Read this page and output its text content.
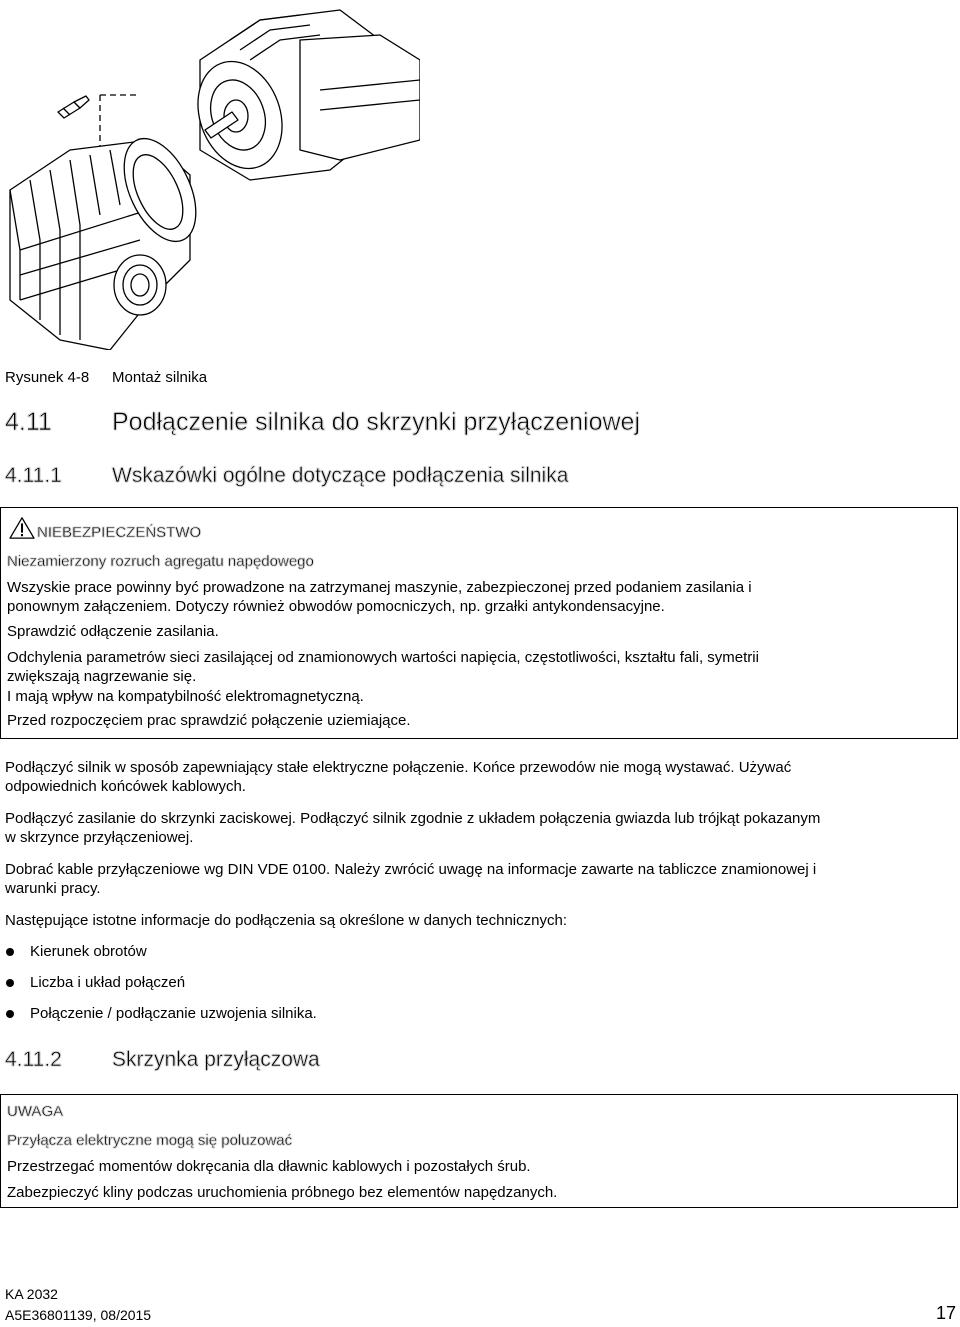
Rysunek 4-8 Montaż silnika
4.11 Podłączenie silnika do skrzynki przyłączeniowej
4.11.1 Wskazówki ogólne dotyczące podłączenia silnika
NIEBEZPIECZEŃSTWO
Niezamierzony rozruch agregatu napędowego
Wszyskie prace powinny być prowadzone na zatrzymanej maszynie, zabezpieczonej przed podaniem zasilania i
ponownym załączeniem. Dotyczy również obwodów pomocniczych, np. grzałki antykondensacyjne.
Sprawdzić odłączenie zasilania.
Odchylenia parametrów sieci zasilającej od znamionowych wartości napięcia, częstotliwości, kształtu fali, symetrii
zwiększają nagrzewanie się.
I mają wpływ na kompatybilność elektromagnetyczną.
Przed rozpoczęciem prac sprawdzić połączenie uziemiające.
Podłączyć silnik w sposób zapewniający stałe elektryczne połączenie. Końce przewodów nie mogą wystawać. Używać
odpowiednich końcówek kablowych.
Podłączyć zasilanie do skrzynki zaciskowej. Podłączyć silnik zgodnie z układem połączenia gwiazda lub trójkąt pokazanym
w skrzynce przyłączeniowej.
Dobrać kable przyłączeniowe wg DIN VDE 0100. Należy zwrócić uwagę na informacje zawarte na tabliczce znamionowej i
warunki pracy.
Następujące istotne informacje do podłączenia są określone w danych technicznych:
Kierunek obrotów
Liczba i układ połączeń
Połączenie / podłączanie uzwojenia silnika.
4.11.2 Skrzynka przyłączowa
UWAGA
Przyłącza elektryczne mogą się poluzować
Przestrzegać momentów dokręcania dla dławnic kablowych i pozostałych śrub.
Zabezpieczyć kliny podczas uruchomienia próbnego bez elementów napędzanych.
KA 2032
A5E36801139, 08/2015	17
